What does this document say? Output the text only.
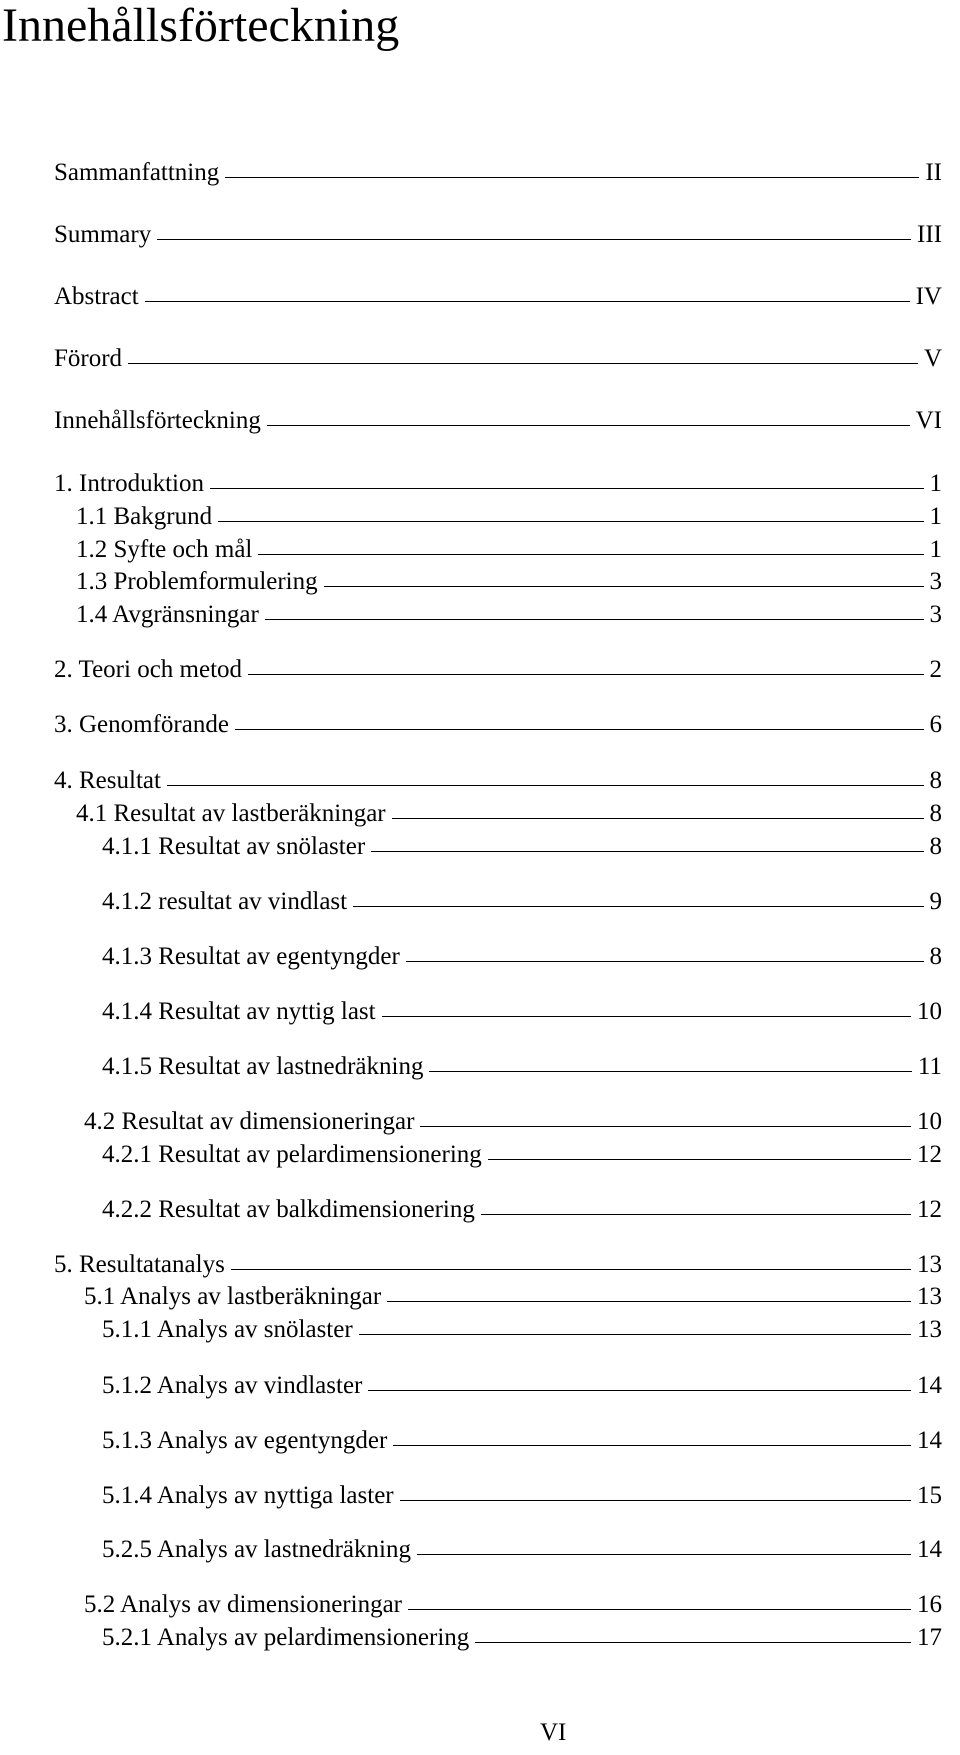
Innehållsförteckning
Sammanfattning	II
Summary	III
Abstract	IV
Förord	V
Innehållsförteckning	VI
1. Introduktion	1
1.1 Bakgrund	1
1.2 Syfte och mål	1
1.3 Problemformulering	3
1.4 Avgränsningar	3
2. Teori och metod	2
3. Genomförande	6
4. Resultat	8
4.1 Resultat av lastberäkningar	8
4.1.1 Resultat av snölaster	8
4.1.2 resultat av vindlast	9
4.1.3 Resultat av egentyngder	8
4.1.4 Resultat av nyttig last	10
4.1.5 Resultat av lastnedräkning	11
4.2 Resultat av dimensioneringar	10
4.2.1 Resultat av pelardimensionering	12
4.2.2 Resultat av balkdimensionering	12
5. Resultatanalys	13
5.1 Analys av lastberäkningar	13
5.1.1 Analys av snölaster	13
5.1.2 Analys av vindlaster	14
5.1.3 Analys av egentyngder	14
5.1.4 Analys av nyttiga laster	15
5.2.5 Analys av lastnedräkning	14
5.2 Analys av dimensioneringar	16
5.2.1 Analys av pelardimensionering	17
VI
